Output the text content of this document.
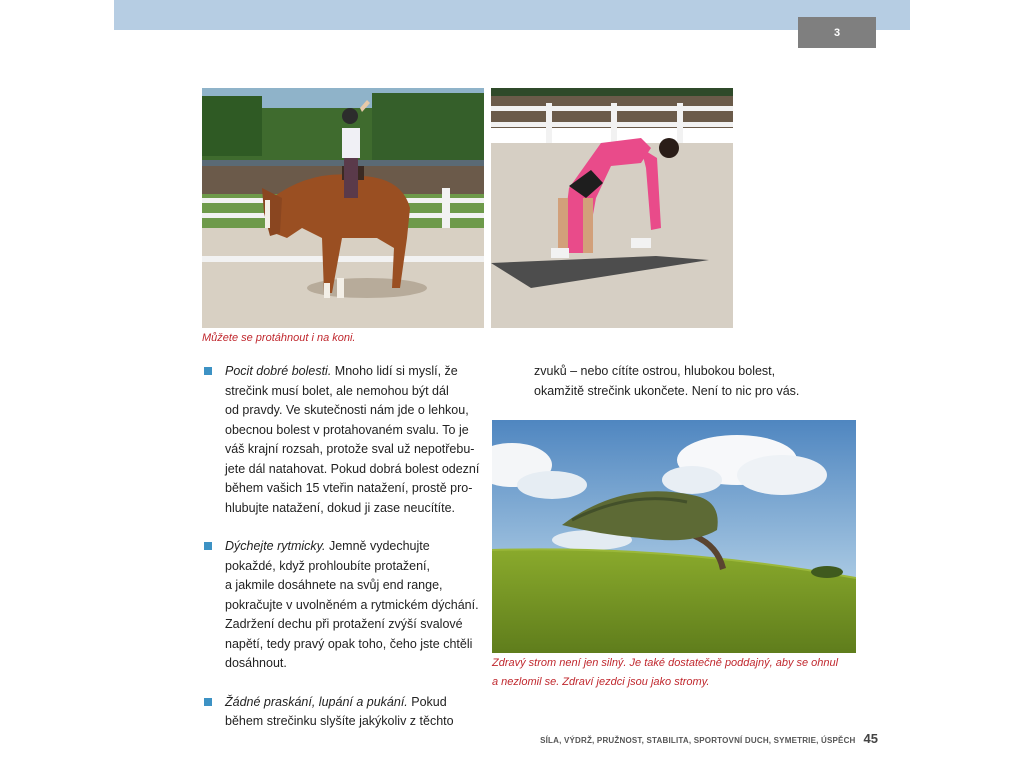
3
Můžete se protáhnout i na koni.
Pocit dobré bolesti. Mnoho lidí si myslí, že
strečink musí bolet, ale nemohou být dál
od pravdy. Ve skutečnosti nám jde o lehkou,
obecnou bolest v protahovaném svalu. To je
váš krajní rozsah, protože sval už nepotřebu-
jete dál natahovat. Pokud dobrá bolest odezní
během vašich 15 vteřin natažení, prostě pro-
hlubujte natažení, dokud ji zase neucítíte.
Dýchejte rytmicky. Jemně vydechujte
pokaždé, když prohloubíte protažení,
a jakmile dosáhnete na svůj end range,
pokračujte v uvolněném a rytmickém dýchání.
Zadržení dechu při protažení zvýší svalové
napětí, tedy pravý opak toho, čeho jste chtěli
dosáhnout.
Žádné praskání, lupání a pukání. Pokud
během strečinku slyšíte jakýkoliv z těchto
zvuků – nebo cítíte ostrou, hlubokou bolest,
okamžitě strečink ukončete. Není to nic pro vás.
Zdravý strom není jen silný. Je také dostatečně poddajný, aby se ohnul
a nezlomil se. Zdraví jezdci jsou jako stromy.
SÍLA, VÝDRŽ, PRUŽNOST, STABILITA, SPORTOVNÍ DUCH, SYMETRIE, ÚSPĚCH 45
